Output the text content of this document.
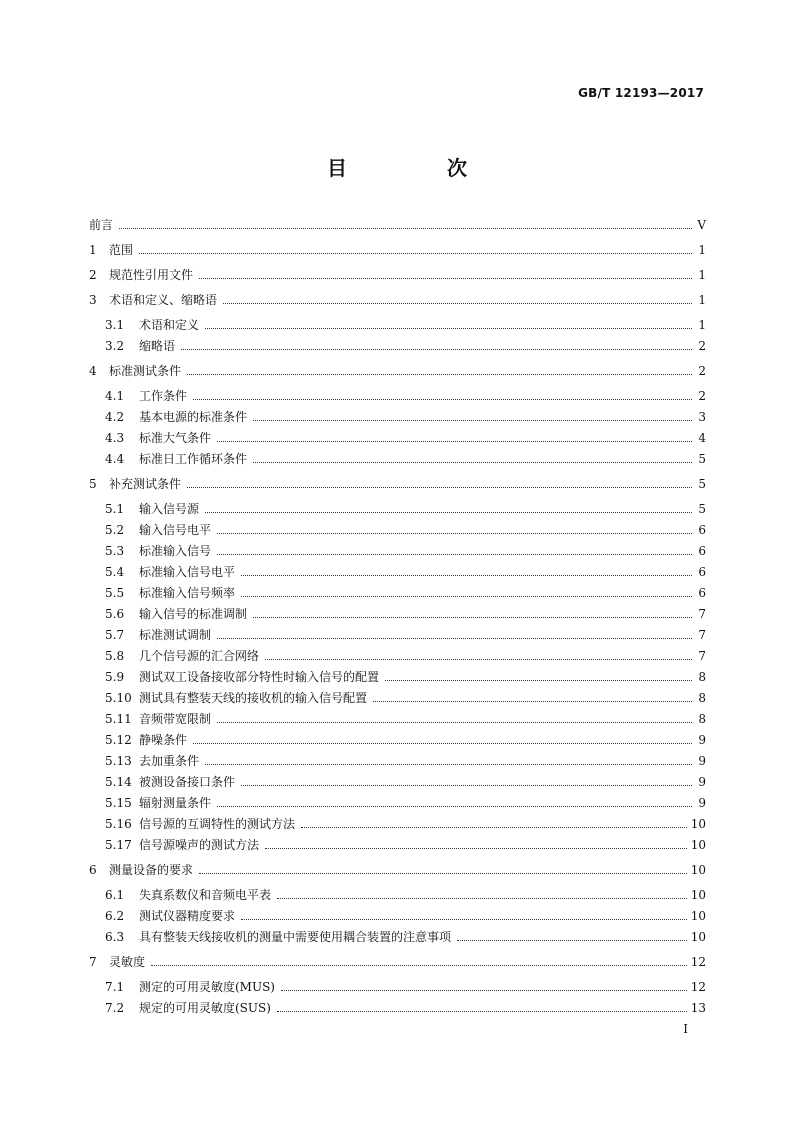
GB/T 12193—2017
目　次
前言	V
1	范围	1
2	规范性引用文件	1
3	术语和定义、缩略语	1
3.1	术语和定义	1
3.2	缩略语	2
4	标准测试条件	2
4.1	工作条件	2
4.2	基本电源的标准条件	3
4.3	标准大气条件	4
4.4	标准日工作循环条件	5
5	补充测试条件	5
5.1	输入信号源	5
5.2	输入信号电平	6
5.3	标准输入信号	6
5.4	标准输入信号电平	6
5.5	标准输入信号频率	6
5.6	输入信号的标准调制	7
5.7	标准测试调制	7
5.8	几个信号源的汇合网络	7
5.9	测试双工设备接收部分特性时输入信号的配置	8
5.10 测试具有整装天线的接收机的输入信号配置	8
5.11 音频带宽限制	8
5.12 静噪条件	9
5.13 去加重条件	9
5.14 被测设备接口条件	9
5.15 辐射测量条件	9
5.16 信号源的互调特性的测试方法	10
5.17 信号源噪声的测试方法	10
6	测量设备的要求	10
6.1	失真系数仪和音频电平表	10
6.2	测试仪器精度要求	10
6.3	具有整装天线接收机的测量中需要使用耦合装置的注意事项	10
7	灵敏度	12
7.1	测定的可用灵敏度(MUS)	12
7.2	规定的可用灵敏度(SUS)	13
I
